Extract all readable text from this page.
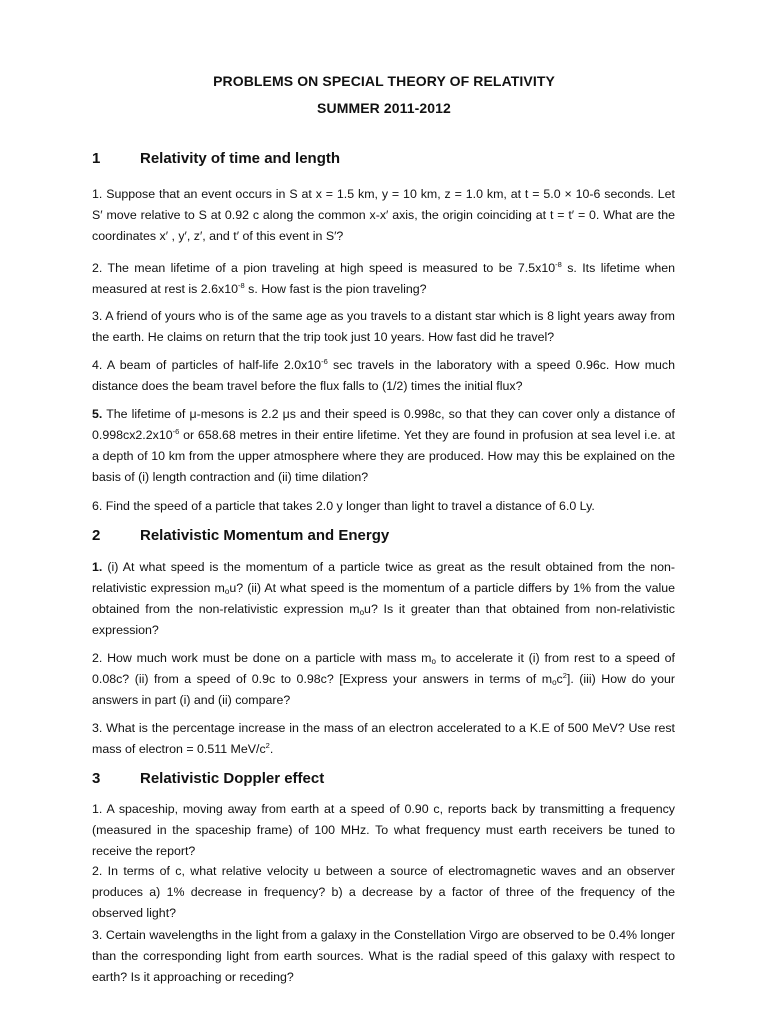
PROBLEMS ON SPECIAL THEORY OF RELATIVITY
SUMMER 2011-2012
1	Relativity of time and length
1. Suppose that an event occurs in S at x = 1.5 km, y = 10 km, z = 1.0 km, at t = 5.0 × 10-6 seconds. Let S′ move relative to S at 0.92 c along the common x-x′ axis, the origin coinciding at t = t′ = 0. What are the coordinates x′ , y′, z′, and t′ of this event in S′?
2. The mean lifetime of a pion traveling at high speed is measured to be $7.5x10^{-8}$ s. Its lifetime when measured at rest is $2.6x10^{-8}$ s. How fast is the pion traveling?
3. A friend of yours who is of the same age as you travels to a distant star which is 8 light years away from the earth. He claims on return that the trip took just 10 years. How fast did he travel?
4. A beam of particles of half-life $2.0x10^{-6}$ sec travels in the laboratory with a speed 0.96c. How much distance does the beam travel before the flux falls to (1/2) times the initial flux?
5. The lifetime of μ-mesons is 2.2 μs and their speed is 0.998c, so that they can cover only a distance of $0.998cx2.2x10^{-6}$ or 658.68 metres in their entire lifetime. Yet they are found in profusion at sea level i.e. at a depth of 10 km from the upper atmosphere where they are produced. How may this be explained on the basis of (i) length contraction and (ii) time dilation?
6. Find the speed of a particle that takes 2.0 y longer than light to travel a distance of 6.0 Ly.
2	Relativistic Momentum and Energy
1. (i) At what speed is the momentum of a particle twice as great as the result obtained from the non-relativistic expression $m_ou$? (ii) At what speed is the momentum of a particle differs by 1% from the value obtained from the non-relativistic expression $m_ou$? Is it greater than that obtained from non-relativistic expression?
2. How much work must be done on a particle with mass $m_o$ to accelerate it (i) from rest to a speed of 0.08c? (ii) from a speed of 0.9c to 0.98c? [Express your answers in terms of $m_oc^2$]. (iii) How do your answers in part (i) and (ii) compare?
3. What is the percentage increase in the mass of an electron accelerated to a K.E of 500 MeV? Use rest mass of electron = 0.511 MeV/$c^2$.
3	Relativistic Doppler effect
1. A spaceship, moving away from earth at a speed of 0.90 c, reports back by transmitting a frequency (measured in the spaceship frame) of 100 MHz. To what frequency must earth receivers be tuned to receive the report?
2. In terms of c, what relative velocity u between a source of electromagnetic waves and an observer produces a) 1% decrease in frequency? b) a decrease by a factor of three of the frequency of the observed light?
3. Certain wavelengths in the light from a galaxy in the Constellation Virgo are observed to be 0.4% longer than the corresponding light from earth sources. What is the radial speed of this galaxy with respect to earth? Is it approaching or receding?
